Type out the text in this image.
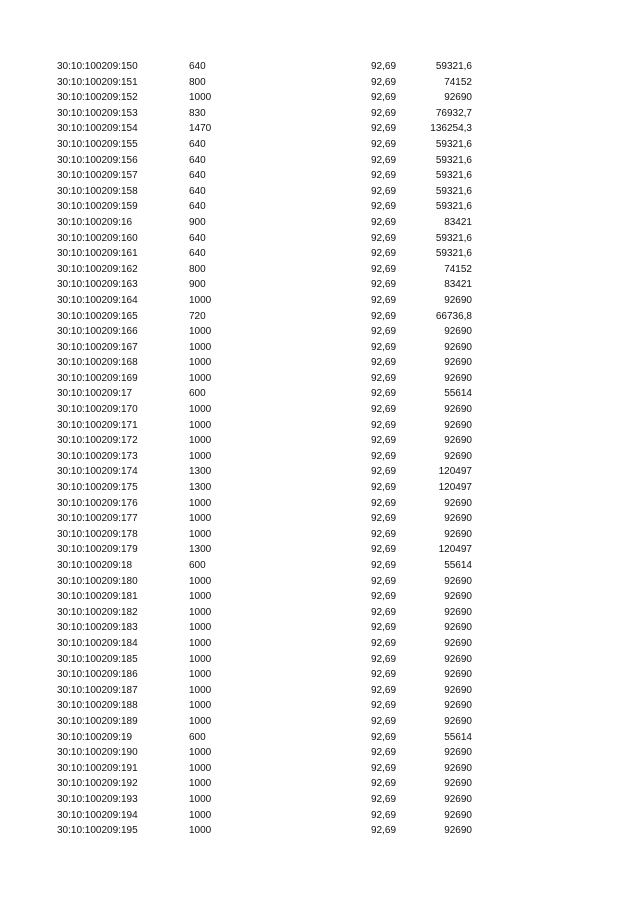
30:10:100209:150	640	92,69	59321,6
30:10:100209:151	800	92,69	74152
30:10:100209:152	1000	92,69	92690
30:10:100209:153	830	92,69	76932,7
30:10:100209:154	1470	92,69	136254,3
30:10:100209:155	640	92,69	59321,6
30:10:100209:156	640	92,69	59321,6
30:10:100209:157	640	92,69	59321,6
30:10:100209:158	640	92,69	59321,6
30:10:100209:159	640	92,69	59321,6
30:10:100209:16	900	92,69	83421
30:10:100209:160	640	92,69	59321,6
30:10:100209:161	640	92,69	59321,6
30:10:100209:162	800	92,69	74152
30:10:100209:163	900	92,69	83421
30:10:100209:164	1000	92,69	92690
30:10:100209:165	720	92,69	66736,8
30:10:100209:166	1000	92,69	92690
30:10:100209:167	1000	92,69	92690
30:10:100209:168	1000	92,69	92690
30:10:100209:169	1000	92,69	92690
30:10:100209:17	600	92,69	55614
30:10:100209:170	1000	92,69	92690
30:10:100209:171	1000	92,69	92690
30:10:100209:172	1000	92,69	92690
30:10:100209:173	1000	92,69	92690
30:10:100209:174	1300	92,69	120497
30:10:100209:175	1300	92,69	120497
30:10:100209:176	1000	92,69	92690
30:10:100209:177	1000	92,69	92690
30:10:100209:178	1000	92,69	92690
30:10:100209:179	1300	92,69	120497
30:10:100209:18	600	92,69	55614
30:10:100209:180	1000	92,69	92690
30:10:100209:181	1000	92,69	92690
30:10:100209:182	1000	92,69	92690
30:10:100209:183	1000	92,69	92690
30:10:100209:184	1000	92,69	92690
30:10:100209:185	1000	92,69	92690
30:10:100209:186	1000	92,69	92690
30:10:100209:187	1000	92,69	92690
30:10:100209:188	1000	92,69	92690
30:10:100209:189	1000	92,69	92690
30:10:100209:19	600	92,69	55614
30:10:100209:190	1000	92,69	92690
30:10:100209:191	1000	92,69	92690
30:10:100209:192	1000	92,69	92690
30:10:100209:193	1000	92,69	92690
30:10:100209:194	1000	92,69	92690
30:10:100209:195	1000	92,69	92690
